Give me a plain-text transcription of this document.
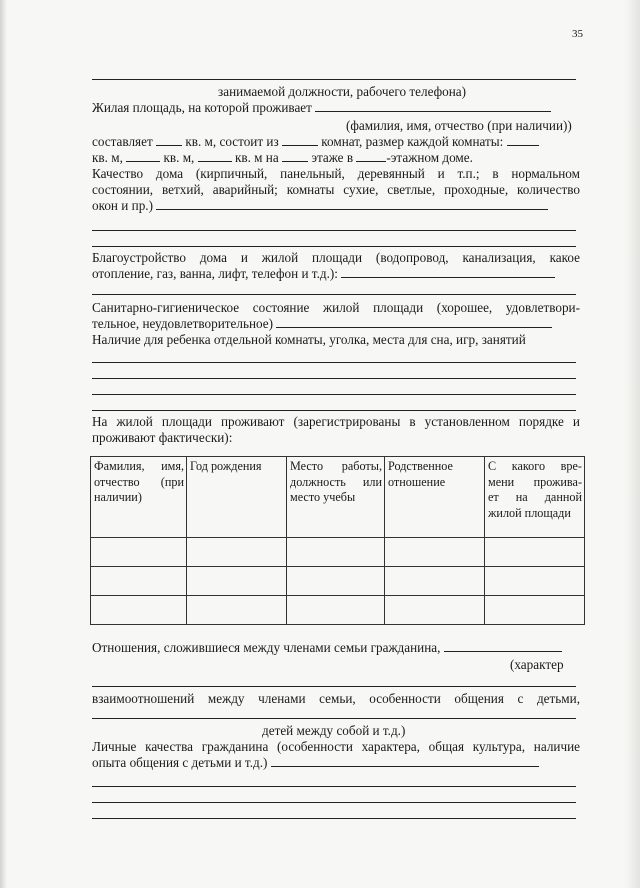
35
занимаемой должности, рабочего телефона)
Жилая площадь, на которой проживает
(фамилия, имя, отчество (при наличии))
составляет кв. м, состоит из	комнат, размер каждой комнаты:
кв. м,	кв. м,	кв. м на этаже в	-этажном доме.
Качество дома (кирпичный, панельный, деревянный и т.п.; в нормальном
состоянии, ветхий, аварийный; комнаты сухие, светлые, проходные, количество
окон и пр.)
Благоустройство дома и жилой площади (водопровод, канализация, какое
отопление, газ, ванна, лифт, телефон и т.д.):
Санитарно-гигиеническое состояние жилой площади (хорошее, удовлетвори-
тельное, неудовлетворительное)
Наличие для ребенка отдельной комнаты, уголка, места для сна, игр, занятий
На жилой площади проживают (зарегистрированы в установленном порядке и
проживают фактически):
Фамилия, имя,
отчество (при
наличии)	Год рождения	Место работы,
должность или
место учебы	Родственное
отношение	С какого вре-
мени прожива-
ет на данной
жилой площади

Отношения, сложившиеся между членами семьи гражданина,
(характер
взаимоотношений между членами семьи, особенности общения с детьми,
детей между собой и т.д.)
Личные качества гражданина (особенности характера, общая культура, наличие
опыта общения с детьми и т.д.)
